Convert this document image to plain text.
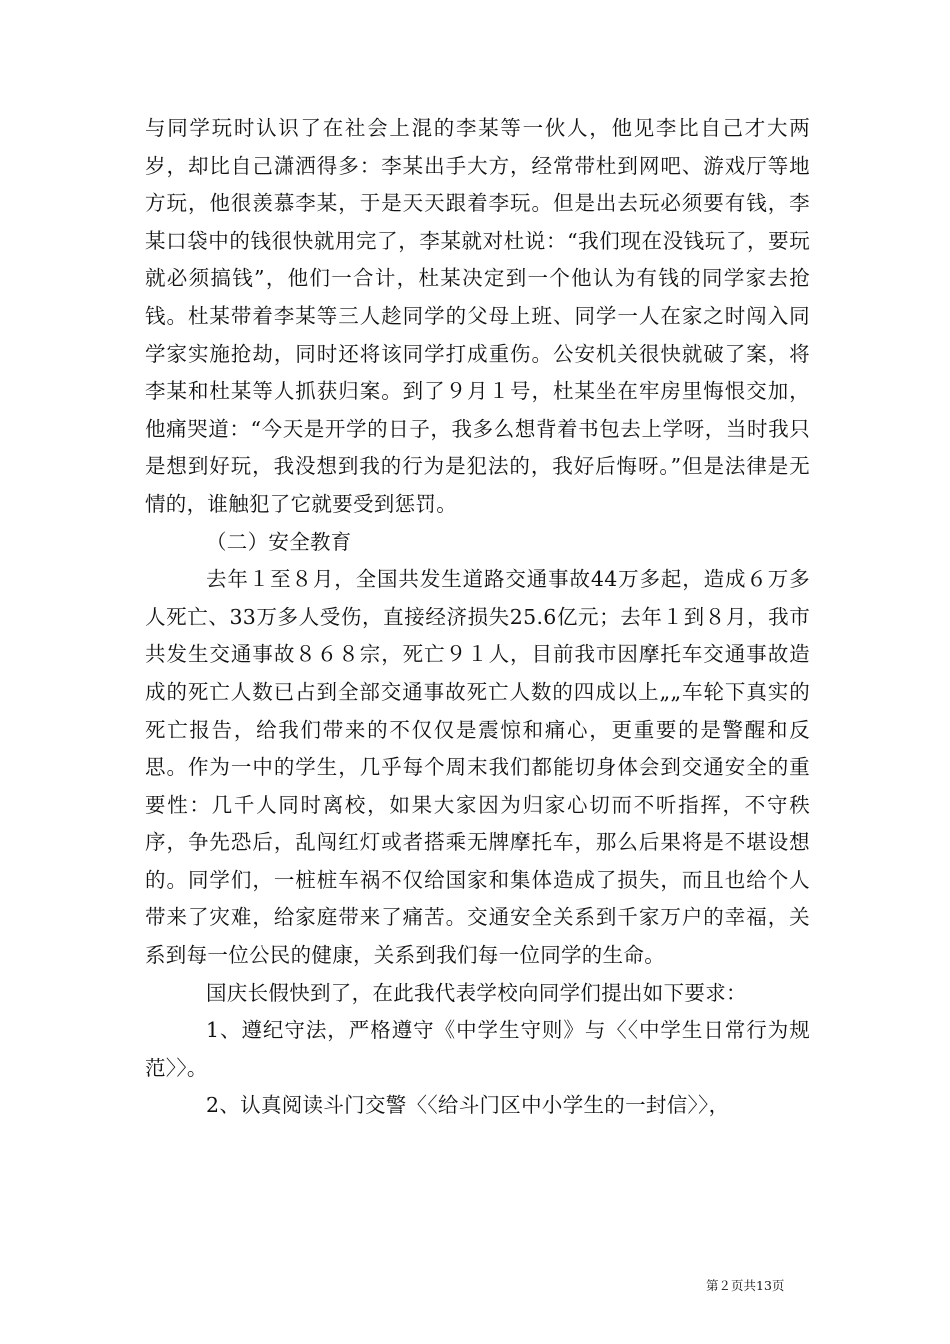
与同学玩时认识了在社会上混的李某等一伙人，他见李比自己才大两岁，却比自己潇洒得多：李某出手大方，经常带杜到网吧、游戏厅等地方玩，他很羡慕李某，于是天天跟着李玩。但是出去玩必须要有钱，李某口袋中的钱很快就用完了，李某就对杜说：“我们现在没钱玩了，要玩就必须搞钱”，他们一合计，杜某决定到一个他认为有钱的同学家去抢钱。杜某带着李某等三人趁同学的父母上班、同学一人在家之时闯入同学家实施抢劫，同时还将该同学打成重伤。公安机关很快就破了案，将李某和杜某等人抓获归案。到了９月１号，杜某坐在牢房里悔恨交加，他痛哭道：“今天是开学的日子，我多么想背着书包去上学呀，当时我只是想到好玩，我没想到我的行为是犯法的，我好后悔呀。”但是法律是无情的，谁触犯了它就要受到惩罚。

（二）安全教育

去年１至８月，全国共发生道路交通事故44万多起，造成６万多人死亡、33万多人受伤，直接经济损失25.6亿元；去年１到８月，我市共发生交通事故８６８宗，死亡９１人，目前我市因摩托车交通事故造成的死亡人数已占到全部交通事故死亡人数的四成以上„„车轮下真实的死亡报告，给我们带来的不仅仅是震惊和痛心，更重要的是警醒和反思。作为一中的学生，几乎每个周末我们都能切身体会到交通安全的重要性：几千人同时离校，如果大家因为归家心切而不听指挥，不守秩序，争先恐后，乱闯红灯或者搭乘无牌摩托车，那么后果将是不堪设想的。同学们，一桩桩车祸不仅给国家和集体造成了损失，而且也给个人带来了灾难，给家庭带来了痛苦。交通安全关系到千家万户的幸福，关系到每一位公民的健康，关系到我们每一位同学的生命。

国庆长假快到了，在此我代表学校向同学们提出如下要求：

1、遵纪守法，严格遵守《中学生守则》与〈〈中学生日常行为规范〉〉。

2、认真阅读斗门交警〈〈给斗门区中小学生的一封信〉〉，

第２页共13页
